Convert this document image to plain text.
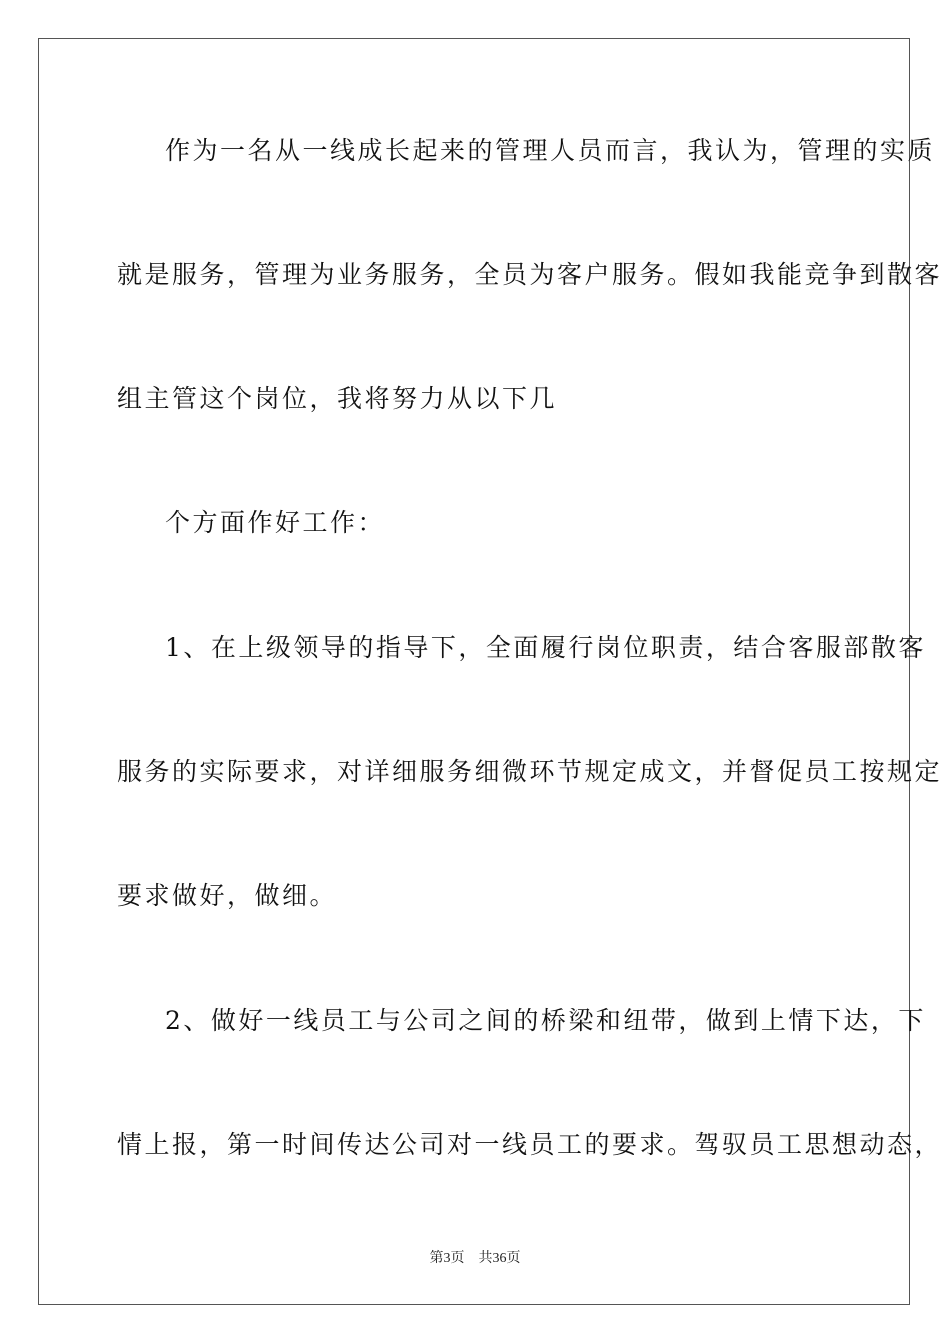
作为一名从一线成长起来的管理人员而言，我认为，管理的实质
就是服务，管理为业务服务，全员为客户服务。假如我能竞争到散客
组主管这个岗位，我将努力从以下几
个方面作好工作：
1、在上级领导的指导下，全面履行岗位职责，结合客服部散客
服务的实际要求，对详细服务细微环节规定成文，并督促员工按规定
要求做好，做细。
2、做好一线员工与公司之间的桥梁和纽带，做到上情下达，下
情上报，第一时间传达公司对一线员工的要求。驾驭员工思想动态，
第3页 共36页
